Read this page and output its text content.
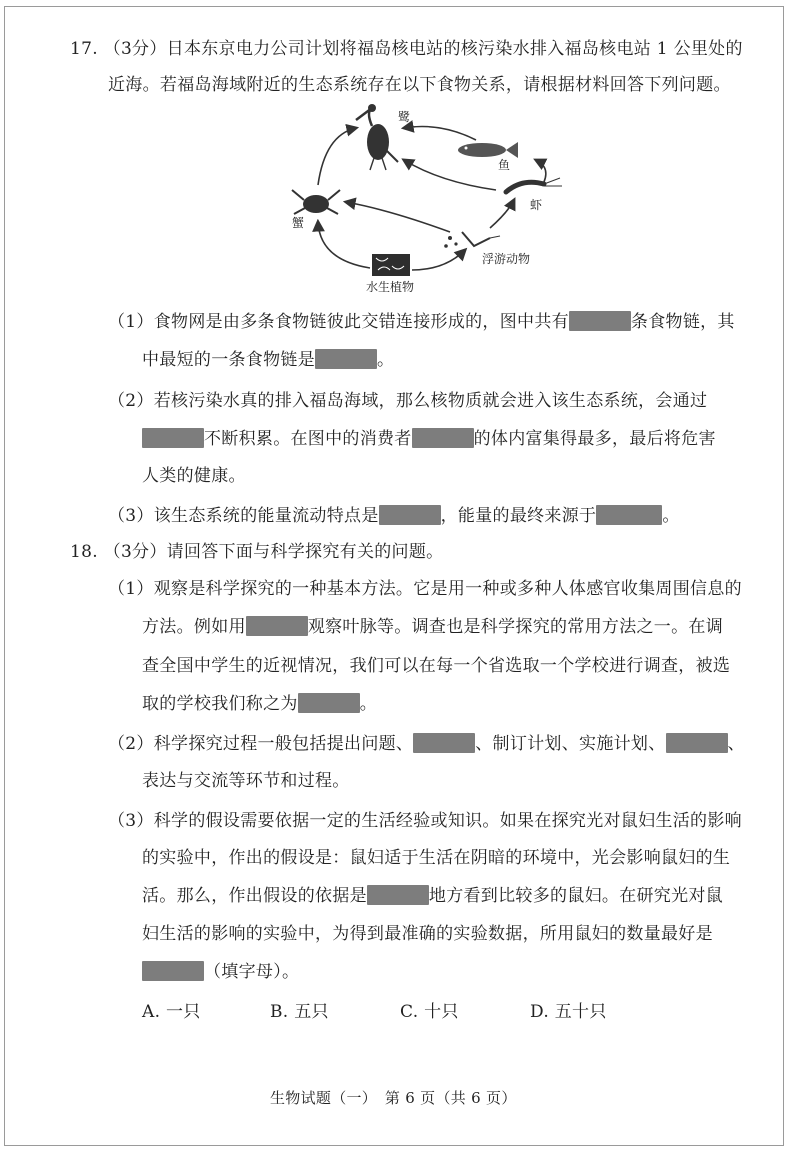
17. （3分）日本东京电力公司计划将福岛核电站的核污染水排入福岛核电站 1 公里处的
近海。若福岛海域附近的生态系统存在以下食物关系，请根据材料回答下列问题。
鹭
鱼
虾
蟹
浮游动物
水生植物
（1）食物网是由多条食物链彼此交错连接形成的，图中共有	条食物链，其
中最短的一条食物链是	。
（2）若核污染水真的排入福岛海域，那么核物质就会进入该生态系统，会通过
不断积累。在图中的消费者	的体内富集得最多，最后将危害
人类的健康。
（3）该生态系统的能量流动特点是	，能量的最终来源于	。
18. （3分）请回答下面与科学探究有关的问题。
（1）观察是科学探究的一种基本方法。它是用一种或多种人体感官收集周围信息的
方法。例如用	观察叶脉等。调查也是科学探究的常用方法之一。在调
查全国中学生的近视情况，我们可以在每一个省选取一个学校进行调查，被选
取的学校我们称之为	。
（2）科学探究过程一般包括提出问题、	、制订计划、实施计划、	、
表达与交流等环节和过程。
（3）科学的假设需要依据一定的生活经验或知识。如果在探究光对鼠妇生活的影响
的实验中，作出的假设是：鼠妇适于生活在阴暗的环境中，光会影响鼠妇的生
活。那么，作出假设的依据是	地方看到比较多的鼠妇。在研究光对鼠
妇生活的影响的实验中，为得到最准确的实验数据，所用鼠妇的数量最好是
（填字母）。
A. 一只	B. 五只	C. 十只	D. 五十只
生物试题（一）　第 6 页（共 6 页）
